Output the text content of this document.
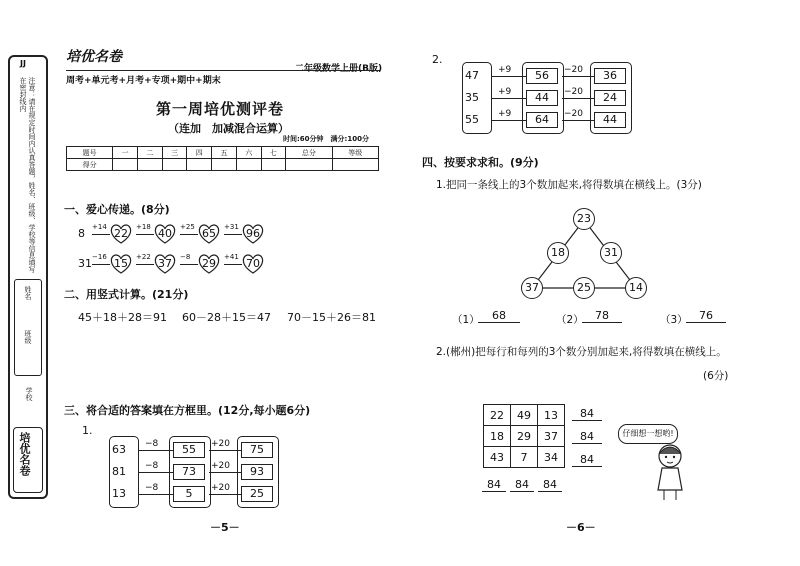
JJ
注意：请在规定时间内认真答题，姓名、班级、学校等信息填写在密封线内
姓名
班级
学校
培优名卷
培优名卷
周考+单元考+月考+专项+期中+期末
二年级数学上册(B版)
第一周培优测评卷
（连加　加减混合运算）
时间:60分钟　满分:100分
题号	一	二	三	四	五	六	七	总分	等级
得分									
一、爱心传递。(8分)
8 +14 22	+18 40	+25 65	+31 96
31 −16 15	+22 37	−8	29	+41 70
二、用竖式计算。(21分)
45＋18＋28＝91 60－28＋15＝47 70－15＋26＝81
三、将合适的答案填在方框里。(12分,每小题6分)
1.
63 −8	55	+20	75
81 −8	73	+20	93
13 −8	5	+20	25
2.
47 +9	56	−20	36
35 +9	44	−20	24
55 +9	64	−20	44
－5－	－6－
四、按要求求和。(9分)
1.把同一条线上的3个数加起来,将得数填在横线上。(3分)
23
18	31
37	25	14
（1）	68	（2）	78	（3）	76
2.(郴州)把每行和每列的3个数分别加起来,将得数填在横线上。
(6分)
22	49	13
18	29	37
43	7	34
84
84
84
84	84	84
仔细想一想哟!
